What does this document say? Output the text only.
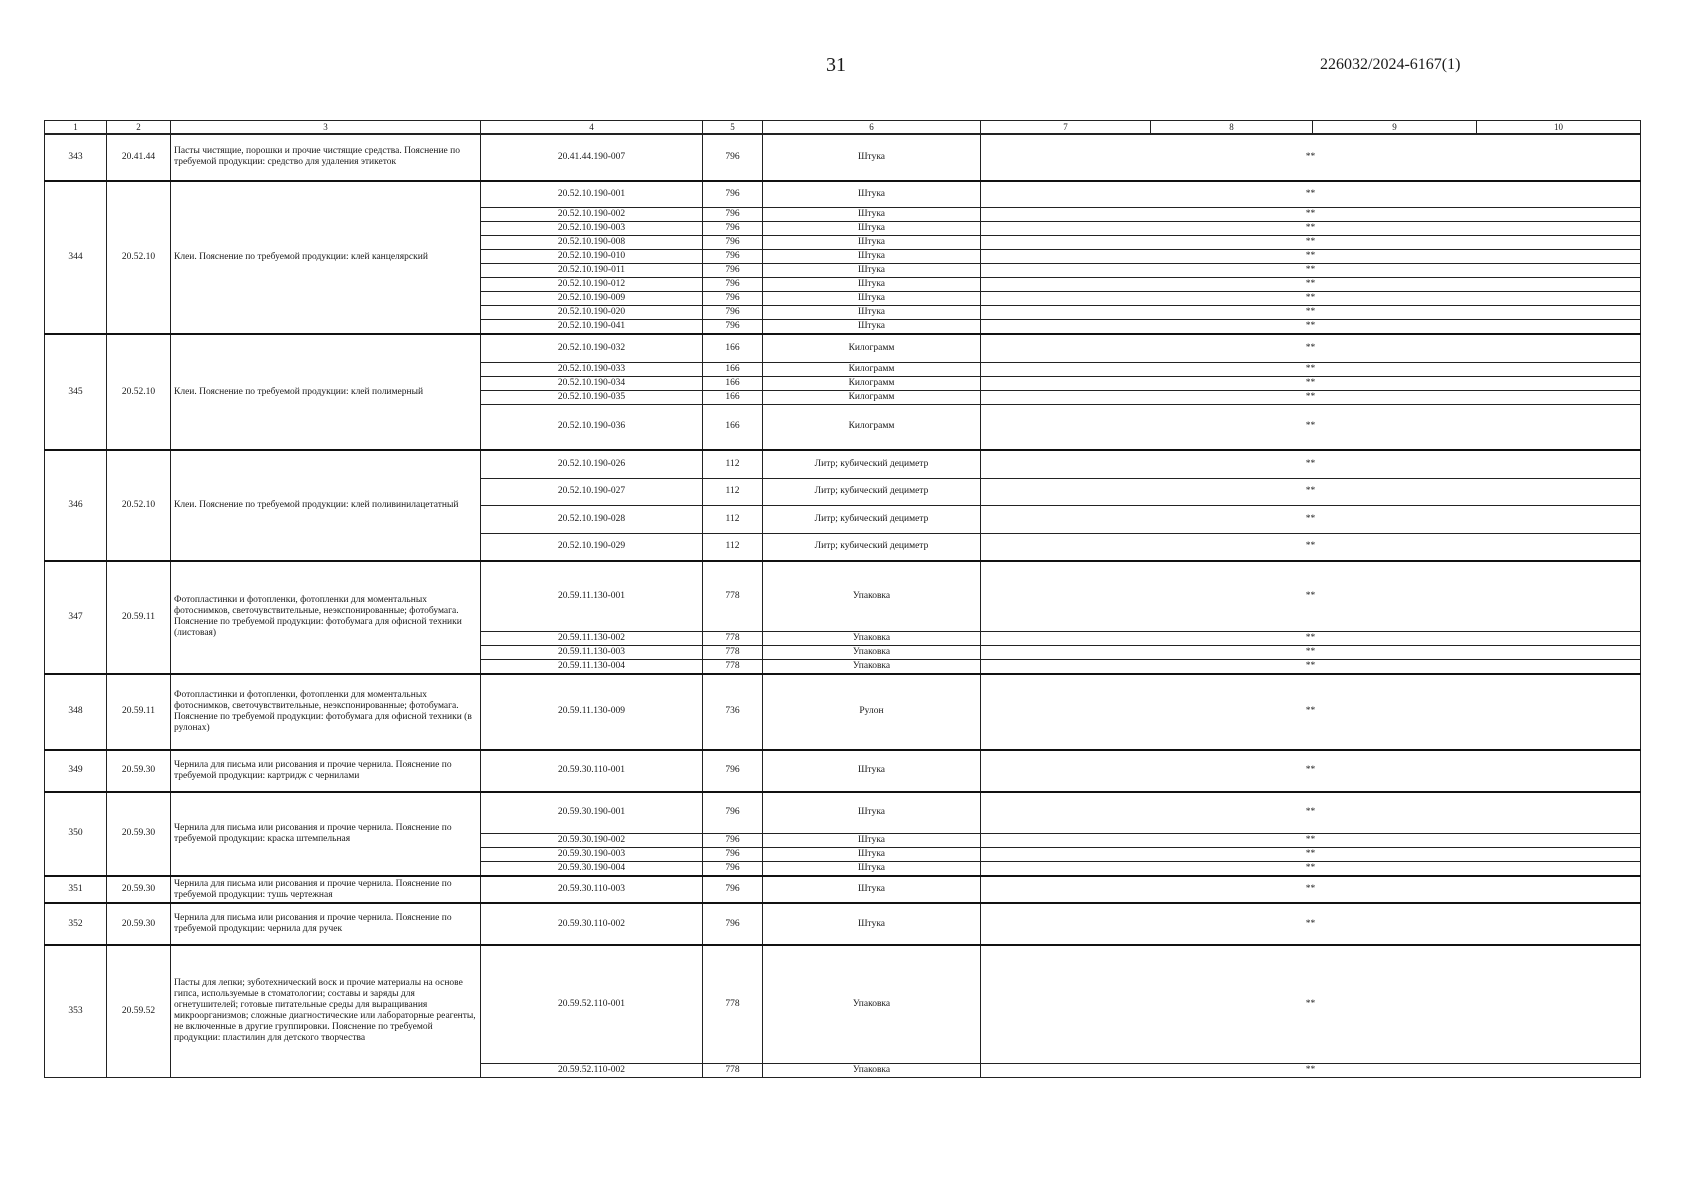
31	226032/2024-6167(1)
1	2	3	4	5	6	7	8	9	10
343	20.41.44	Пасты чистящие, порошки и прочие чистящие средства. Пояснение по требуемой продукции: средство для удаления этикеток	20.41.44.190-007	796	Штука	**
344	20.52.10	Клеи. Пояснение по требуемой продукции: клей канцелярский	20.52.10.190-001	796	Штука	**
			20.52.10.190-002	796	Штука	**
			20.52.10.190-003	796	Штука	**
			20.52.10.190-008	796	Штука	**
			20.52.10.190-010	796	Штука	**
			20.52.10.190-011	796	Штука	**
			20.52.10.190-012	796	Штука	**
			20.52.10.190-009	796	Штука	**
			20.52.10.190-020	796	Штука	**
			20.52.10.190-041	796	Штука	**
345	20.52.10	Клеи. Пояснение по требуемой продукции: клей полимерный	20.52.10.190-032	166	Килограмм	**
			20.52.10.190-033	166	Килограмм	**
			20.52.10.190-034	166	Килограмм	**
			20.52.10.190-035	166	Килограмм	**
			20.52.10.190-036	166	Килограмм	**
346	20.52.10	Клеи. Пояснение по требуемой продукции: клей поливинилацетатный	20.52.10.190-026	112	Литр; кубический дециметр	**
			20.52.10.190-027	112	Литр; кубический дециметр	**
			20.52.10.190-028	112	Литр; кубический дециметр	**
			20.52.10.190-029	112	Литр; кубический дециметр	**
347	20.59.11	Фотопластинки и фотопленки, фотопленки для моментальных фотоснимков, светочувствительные, неэкспонированные; фотобумага. Пояснение по требуемой продукции: фотобумага для офисной техники (листовая)	20.59.11.130-001	778	Упаковка	**
			20.59.11.130-002	778	Упаковка	**
			20.59.11.130-003	778	Упаковка	**
			20.59.11.130-004	778	Упаковка	**
348	20.59.11	Фотопластинки и фотопленки, фотопленки для моментальных фотоснимков, светочувствительные, неэкспонированные; фотобумага. Пояснение по требуемой продукции: фотобумага для офисной техники (в рулонах)	20.59.11.130-009	736	Рулон	**
349	20.59.30	Чернила для письма или рисования и прочие чернила. Пояснение по требуемой продукции: картридж с чернилами	20.59.30.110-001	796	Штука	**
350	20.59.30	Чернила для письма или рисования и прочие чернила. Пояснение по требуемой продукции: краска штемпельная	20.59.30.190-001	796	Штука	**
			20.59.30.190-002	796	Штука	**
			20.59.30.190-003	796	Штука	**
			20.59.30.190-004	796	Штука	**
351	20.59.30	Чернила для письма или рисования и прочие чернила. Пояснение по требуемой продукции: тушь чертежная	20.59.30.110-003	796	Штука	**
352	20.59.30	Чернила для письма или рисования и прочие чернила. Пояснение по требуемой продукции: чернила для ручек	20.59.30.110-002	796	Штука	**
353	20.59.52	Пасты для лепки; зуботехнический воск и прочие материалы на основе гипса, используемые в стоматологии; составы и заряды для огнетушителей; готовые питательные среды для выращивания микроорганизмов; сложные диагностические или лабораторные реагенты, не включенные в другие группировки. Пояснение по требуемой продукции: пластилин для детского творчества	20.59.52.110-001	778	Упаковка	**
			20.59.52.110-002	778	Упаковка	**
